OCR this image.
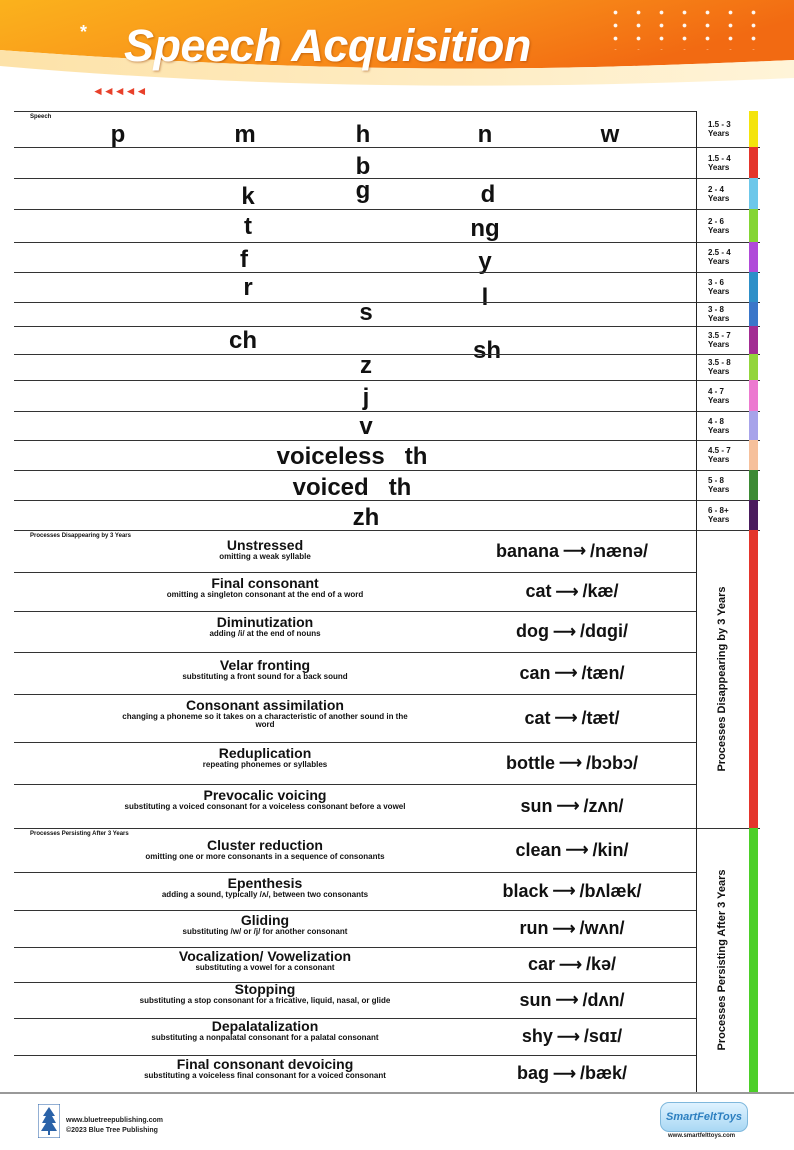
* Speech Acquisition
◄◄◄◄◄
Speech
p	m	h	n	w	1.5 - 3
Years
b	1.5 - 4
Years
k	g	d	2 - 4
Years
t	ng	2 - 6
Years
f	y	2.5 - 4
Years
r	l
3 - 6
Years
s	3 - 8
Years
ch	sh
3.5 - 7
Years
z	3.5 - 8
Years
j	4 - 7
Years
v	4 - 8
Years
voiceless   th	4.5 - 7
Years
voiced   th	5 - 8
Years
zh	6 - 8+
Years
Processes Disappearing by 3 Years
Unstressed
omitting a weak syllable	banana ⟶ /nænə/
Final consonant
omitting a singleton consonant at the end of a word	cat ⟶ /kæ/
Diminutization
adding /i/ at the end of nouns	dog ⟶ /dɑgi/
Velar fronting
substituting a front sound for a back sound	can ⟶ /tæn/
Consonant assimilation
changing a phoneme so it takes on a characteristic of another sound in the word	cat ⟶ /tæt/
Reduplication
repeating phonemes or syllables	bottle ⟶ /bɔbɔ/
Prevocalic voicing
substituting a voiced consonant for a voiceless consonant before a vowel	sun ⟶ /zʌn/
Processes Disappearing by 3 Years
Processes Persisting After 3 Years
Cluster reduction
omitting one or more consonants in a sequence of consonants	clean ⟶ /kin/
Epenthesis
adding a sound, typically /ʌ/, between two consonants	black ⟶ /bʌlæk/
Gliding
substituting /w/ or /j/ for another consonant	run ⟶ /wʌn/
Vocalization/ Vowelization
substituting a vowel for a consonant	car ⟶ /kə/
Stopping
substituting a stop consonant for a fricative, liquid, nasal, or glide	sun ⟶ /dʌn/
Depalatalization
substituting a nonpalatal consonant for a palatal consonant	shy ⟶ /sɑɪ/
Final consonant devoicing
substituting a voiceless final consonant for a voiced consonant	bag ⟶ /bæk/
Processes Persisting After 3 Years
www.bluetreepublishing.com
©2023 Blue Tree Publishing
SmartFeltToys
www.smartfelttoys.com
